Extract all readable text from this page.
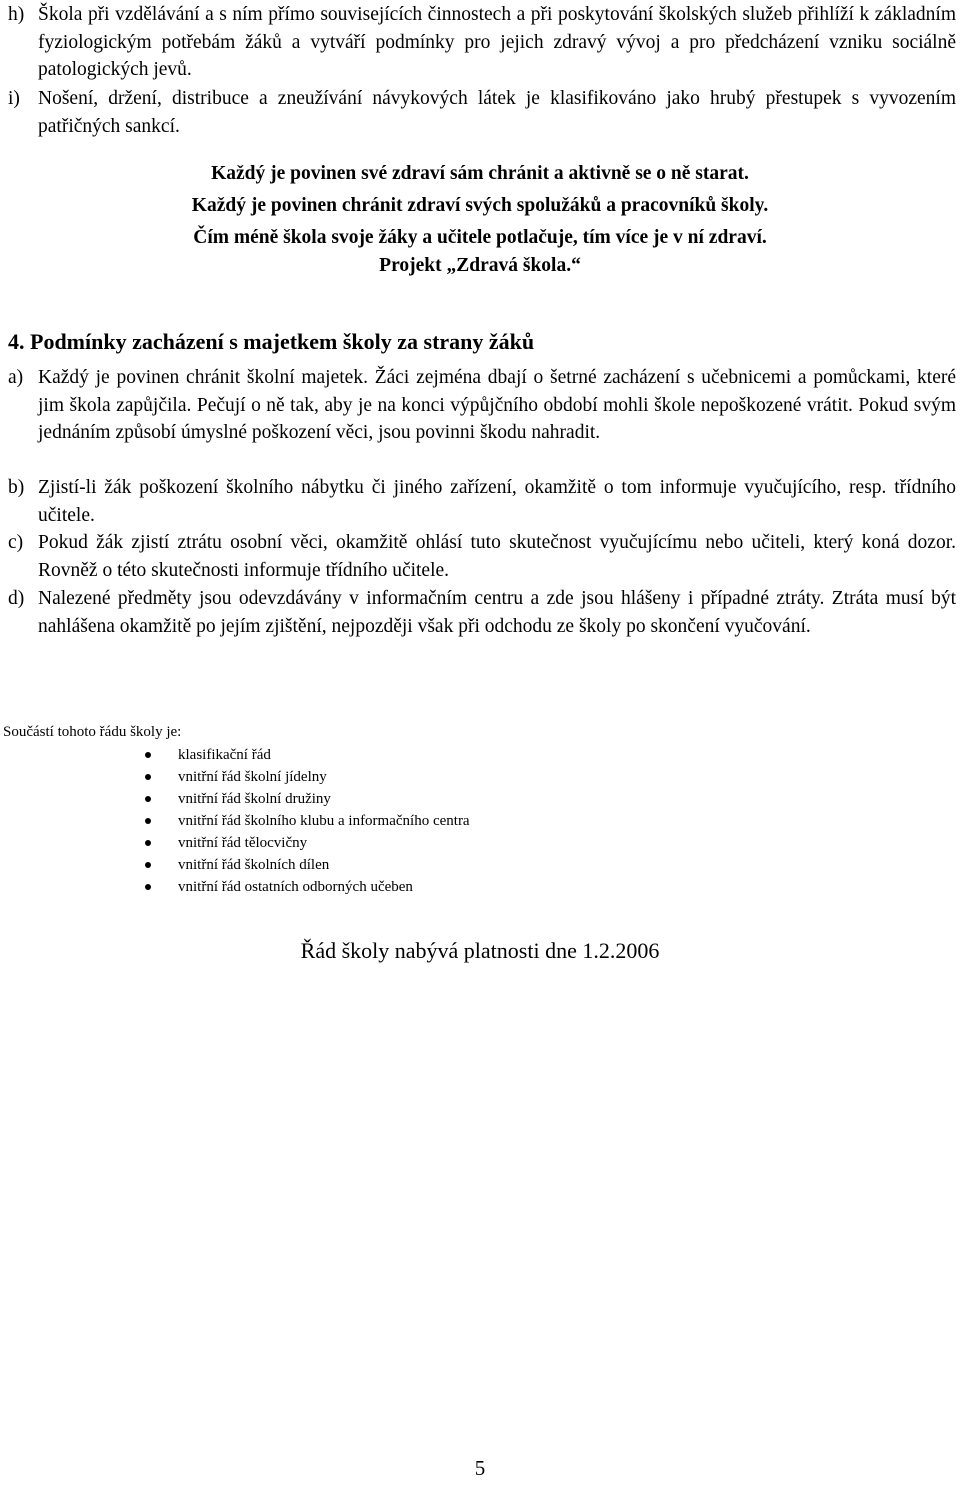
h) Škola při vzdělávání a s ním přímo souvisejících činnostech a při poskytování školských služeb přihlíží k základním fyziologickým potřebám žáků a vytváří podmínky pro jejich zdravý vývoj a pro předcházení vzniku sociálně patologických jevů.
i) Nošení, držení, distribuce a zneužívání návykových látek je klasifikováno jako hrubý přestupek s vyvozením patřičných sankcí.
Každý je povinen své zdraví sám chránit a aktivně se o ně starat.
Každý je povinen chránit zdraví svých spolužáků a pracovníků školy.
Čím méně škola svoje žáky a učitele potlačuje, tím více je v ní zdraví.
Projekt „Zdravá škola.“
4. Podmínky zacházení s majetkem školy za strany žáků
a) Každý je povinen chránit školní majetek. Žáci zejména dbají o šetrné zacházení s učebnicemi a pomůckami, které jim škola zapůjčila. Pečují o ně tak, aby je na konci výpůjčního období mohli škole nepoškozené vrátit. Pokud svým jednáním způsobí úmyslné poškození věci, jsou povinni škodu nahradit.
b) Zjistí-li žák poškození školního nábytku či jiného zařízení, okamžitě o tom informuje vyučujícího, resp. třídního učitele.
c) Pokud žák zjistí ztrátu osobní věci, okamžitě ohlásí tuto skutečnost vyučujícímu nebo učiteli, který koná dozor. Rovněž o této skutečnosti informuje třídního učitele.
d) Nalezené předměty jsou odevzdávány v informačním centru a zde jsou hlášeny i případné ztráty. Ztráta musí být nahlášena okamžitě po jejím zjištění, nejpozději však při odchodu ze školy po skončení vyučování.
Součástí tohoto řádu školy je:
klasifikační řád
vnitřní řád školní jídelny
vnitřní řád školní družiny
vnitřní řád školního klubu a informačního centra
vnitřní řád tělocvičny
vnitřní řád školních dílen
vnitřní řád ostatních odborných učeben
Řád školy nabývá platnosti dne 1.2.2006
5
